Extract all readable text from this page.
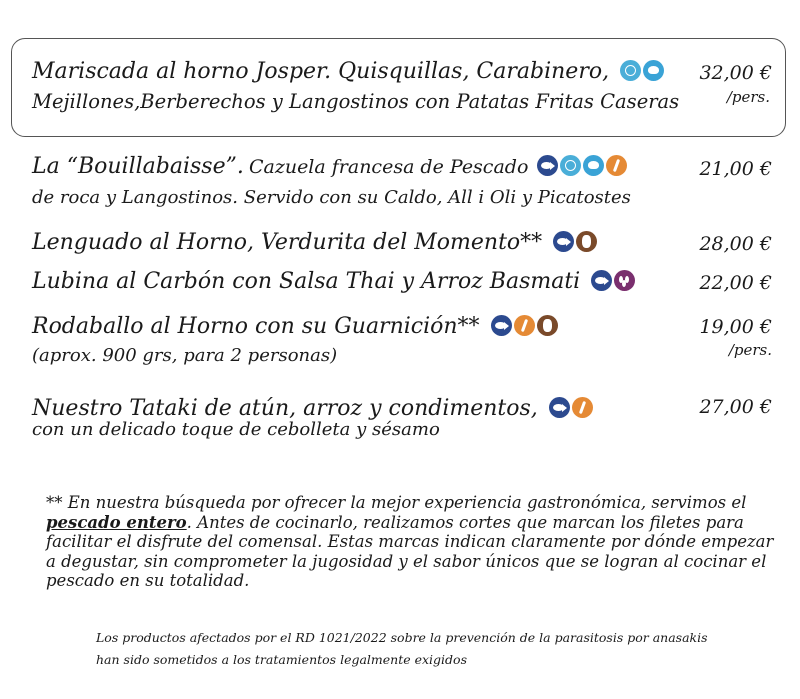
Mariscada al horno Josper. Quisquillas, Carabinero,
Mejillones,Berberechos y Langostinos con Patatas Fritas Caseras
32,00 €
/pers.
La “Bouillabaisse”. Cazuela francesa de Pescado
de roca y Langostinos. Servido con su Caldo, All i Oli y Picatostes
21,00 €
Lenguado al Horno, Verdurita del Momento**	28,00 €
Lubina al Carbón con Salsa Thai y Arroz Basmati	22,00 €
Rodaballo al Horno con su Guarnición**
(aprox. 900 grs, para 2 personas)
19,00 €
/pers.
Nuestro Tataki de atún, arroz y condimentos,
con un delicado toque de cebolleta y sésamo
27,00 €
** En nuestra búsqueda por ofrecer la mejor experiencia gastronómica, servimos el pescado entero. Antes de cocinarlo, realizamos cortes que marcan los filetes para facilitar el disfrute del comensal. Estas marcas indican claramente por dónde empezar a degustar, sin comprometer la jugosidad y el sabor únicos que se logran al cocinar el pescado en su totalidad.
Los productos afectados por el RD 1021/2022 sobre la prevención de la parasitosis por anasakis
han sido sometidos a los tratamientos legalmente exigidos
